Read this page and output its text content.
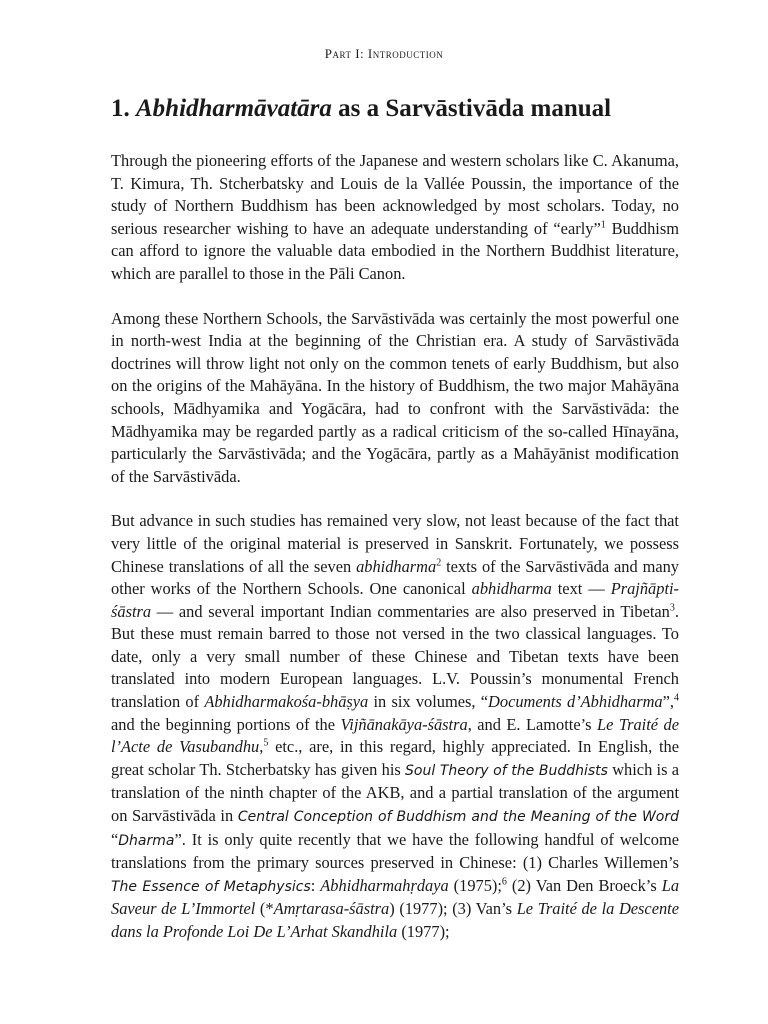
Part I: Introduction
1. Abhidharmāvatāra as a Sarvāstivāda manual

Through the pioneering efforts of the Japanese and western scholars like C. Akanuma, T. Kimura, Th. Stcherbatsky and Louis de la Vallée Poussin, the importance of the study of Northern Buddhism has been acknowledged by most scholars. Today, no serious researcher wishing to have an adequate understanding of “early”$^1$ Buddhism can afford to ignore the valuable data embodied in the Northern Buddhist literature, which are parallel to those in the Pāli Canon.

Among these Northern Schools, the Sarvāstivāda was certainly the most powerful one in north-west India at the beginning of the Christian era. A study of Sarvāstivāda doctrines will throw light not only on the common tenets of early Buddhism, but also on the origins of the Mahāyāna. In the history of Buddhism, the two major Mahāyāna schools, Mādhyamika and Yogācāra, had to confront with the Sarvāstivāda: the Mādhyamika may be regarded partly as a radical criticism of the so-called Hīnayāna, particularly the Sarvāstivāda; and the Yogācāra, partly as a Mahāyānist modification of the Sarvāstivāda.

But advance in such studies has remained very slow, not least because of the fact that very little of the original material is preserved in Sanskrit. Fortunately, we possess Chinese translations of all the seven abhidharma$^2$ texts of the Sarvāstivāda and many other works of the Northern Schools. One canonical abhidharma text — Prajñāpti-śāstra — and several important Indian commentaries are also preserved in Tibetan$^3$. But these must remain barred to those not versed in the two classical languages. To date, only a very small number of these Chinese and Tibetan texts have been translated into modern European languages. L.V. Poussin’s monumental French translation of Abhidharmakośa-bhāṣya in six volumes, “Documents d’Abhidharma”,$^4$ and the beginning portions of the Vijñānakāya-śāstra, and E. Lamotte’s Le Traité de l’Acte de Vasubandhu,$^5$ etc., are, in this regard, highly appreciated. In English, the great scholar Th. Stcherbatsky has given his Soul Theory of the Buddhists which is a translation of the ninth chapter of the AKB, and a partial translation of the argument on Sarvāstivāda in Central Conception of Buddhism and the Meaning of the Word “Dharma”. It is only quite recently that we have the following handful of welcome translations from the primary sources preserved in Chinese: (1) Charles Willemen’s The Essence of Metaphysics: Abhidharmahṛdaya (1975);$^6$ (2) Van Den Broeck’s La Saveur de L’Immortel (*Amṛtarasa-śāstra) (1977); (3) Van’s Le Traité de la Descente dans la Profonde Loi De L’Arhat Skandhila (1977);
